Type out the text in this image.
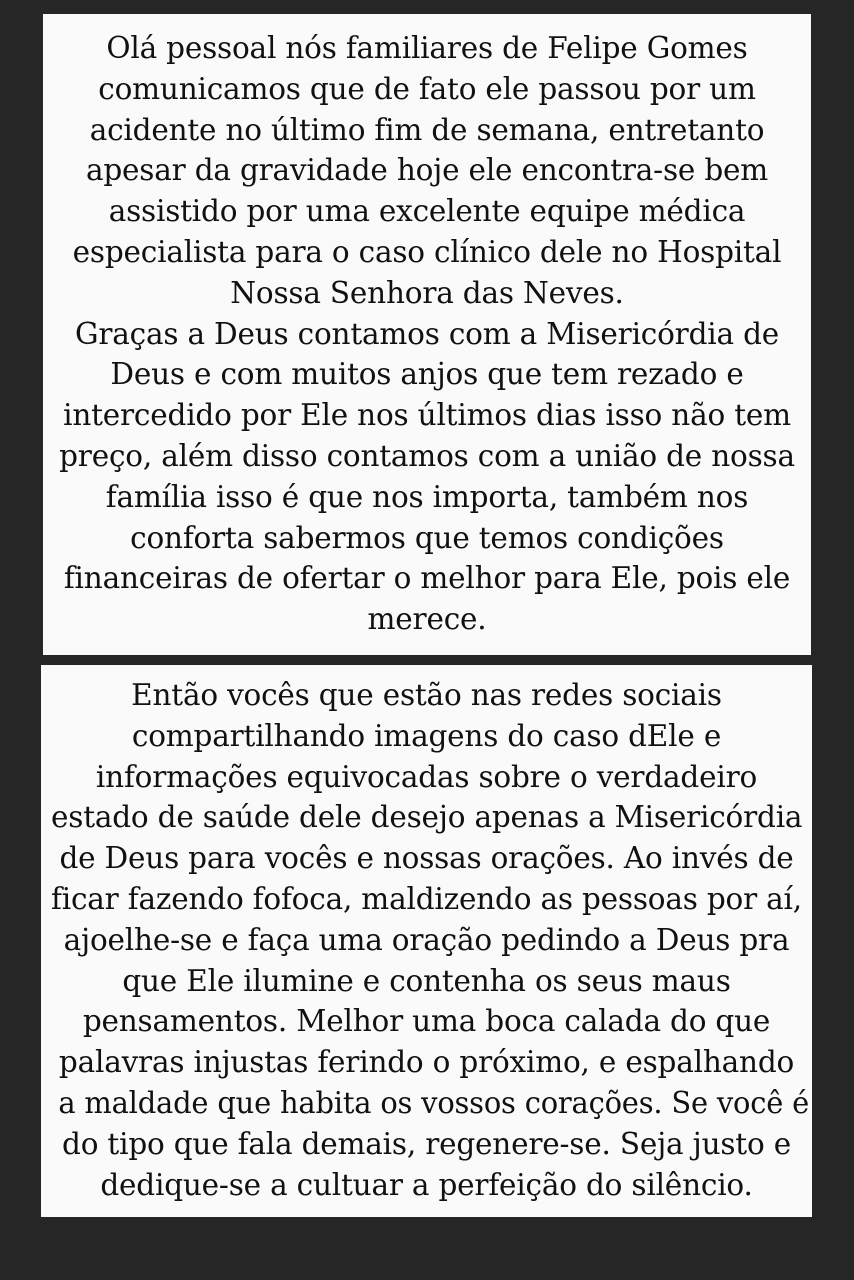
Olá pessoal nós familiares de Felipe Gomes
comunicamos que de fato ele passou por um
acidente no último fim de semana, entretanto
apesar da gravidade hoje ele encontra-se bem
assistido por uma excelente equipe médica
especialista para o caso clínico dele no Hospital
Nossa Senhora das Neves.
Graças a Deus contamos com a Misericórdia de
Deus e com muitos anjos que tem rezado e
intercedido por Ele nos últimos dias isso não tem
preço, além disso contamos com a união de nossa
família isso é que nos importa, também nos
conforta sabermos que temos condições
financeiras de ofertar o melhor para Ele, pois ele
merece.
Então vocês que estão nas redes sociais
compartilhando imagens do caso dEle e
informações equivocadas sobre o verdadeiro
estado de saúde dele desejo apenas a Misericórdia
de Deus para vocês e nossas orações. Ao invés de
ficar fazendo fofoca, maldizendo as pessoas por aí,
ajoelhe-se e faça uma oração pedindo a Deus pra
que Ele ilumine e contenha os seus maus
pensamentos. Melhor uma boca calada do que
palavras injustas ferindo o próximo, e espalhando
a maldade que habita os vossos corações. Se você é
do tipo que fala demais, regenere-se. Seja justo e
dedique-se a cultuar a perfeição do silêncio.
